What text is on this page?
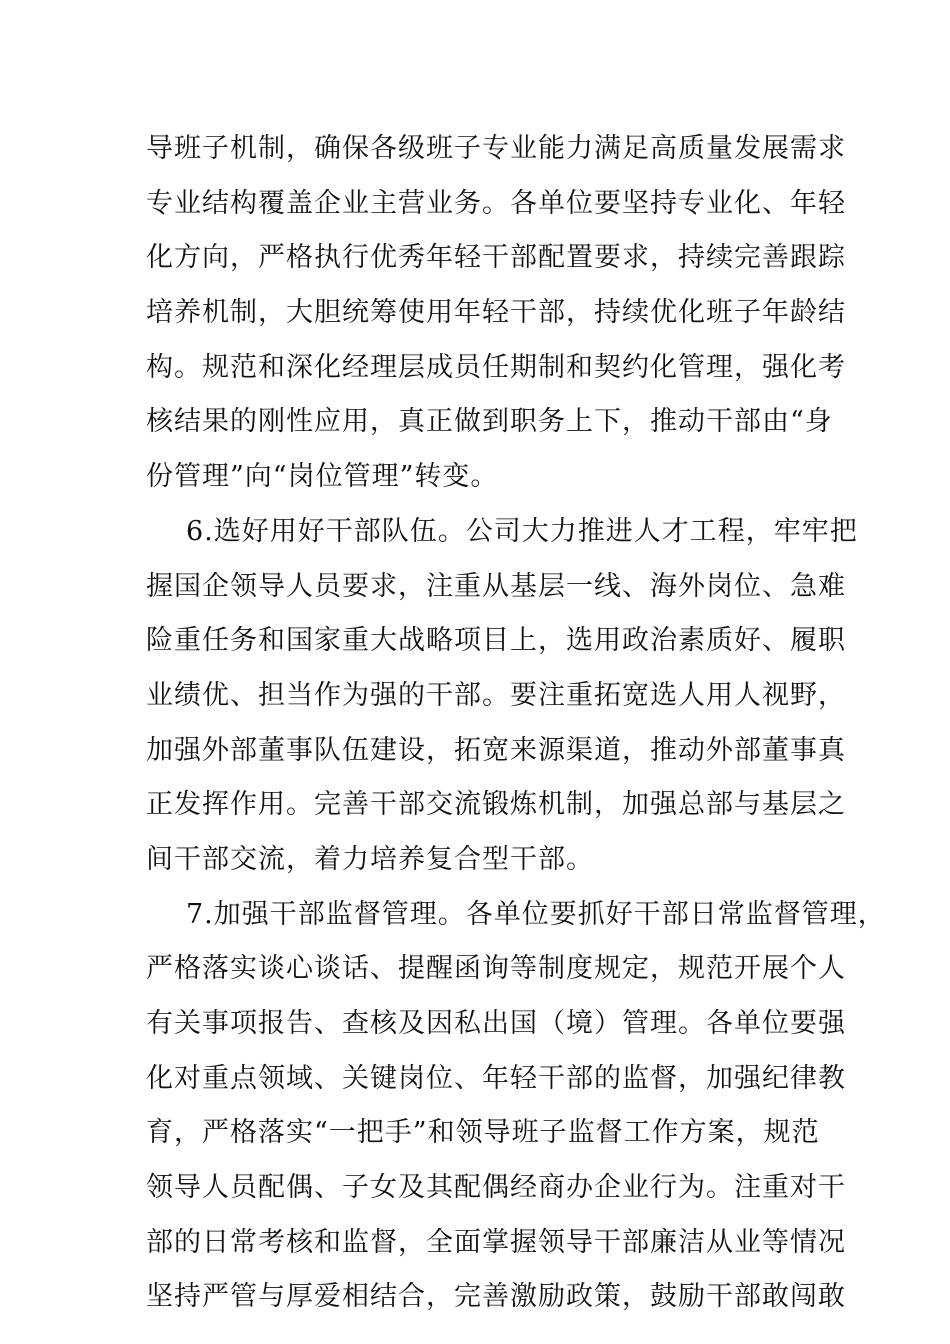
导班子机制，确保各级班子专业能力满足高质量发展需求
专业结构覆盖企业主营业务。各单位要坚持专业化、年轻
化方向，严格执行优秀年轻干部配置要求，持续完善跟踪
培养机制，大胆统筹使用年轻干部，持续优化班子年龄结
构。规范和深化经理层成员任期制和契约化管理，强化考
核结果的刚性应用，真正做到职务上下，推动干部由“身
份管理”向“岗位管理”转变。
6.选好用好干部队伍。公司大力推进人才工程，牢牢把
握国企领导人员要求，注重从基层一线、海外岗位、急难
险重任务和国家重大战略项目上，选用政治素质好、履职
业绩优、担当作为强的干部。要注重拓宽选人用人视野，
加强外部董事队伍建设，拓宽来源渠道，推动外部董事真
正发挥作用。完善干部交流锻炼机制，加强总部与基层之
间干部交流，着力培养复合型干部。
7.加强干部监督管理。各单位要抓好干部日常监督管理，
严格落实谈心谈话、提醒函询等制度规定，规范开展个人
有关事项报告、查核及因私出国（境）管理。各单位要强
化对重点领域、关键岗位、年轻干部的监督，加强纪律教
育，严格落实“一把手”和领导班子监督工作方案，规范
领导人员配偶、子女及其配偶经商办企业行为。注重对干
部的日常考核和监督，全面掌握领导干部廉洁从业等情况
坚持严管与厚爱相结合，完善激励政策，鼓励干部敢闯敢
